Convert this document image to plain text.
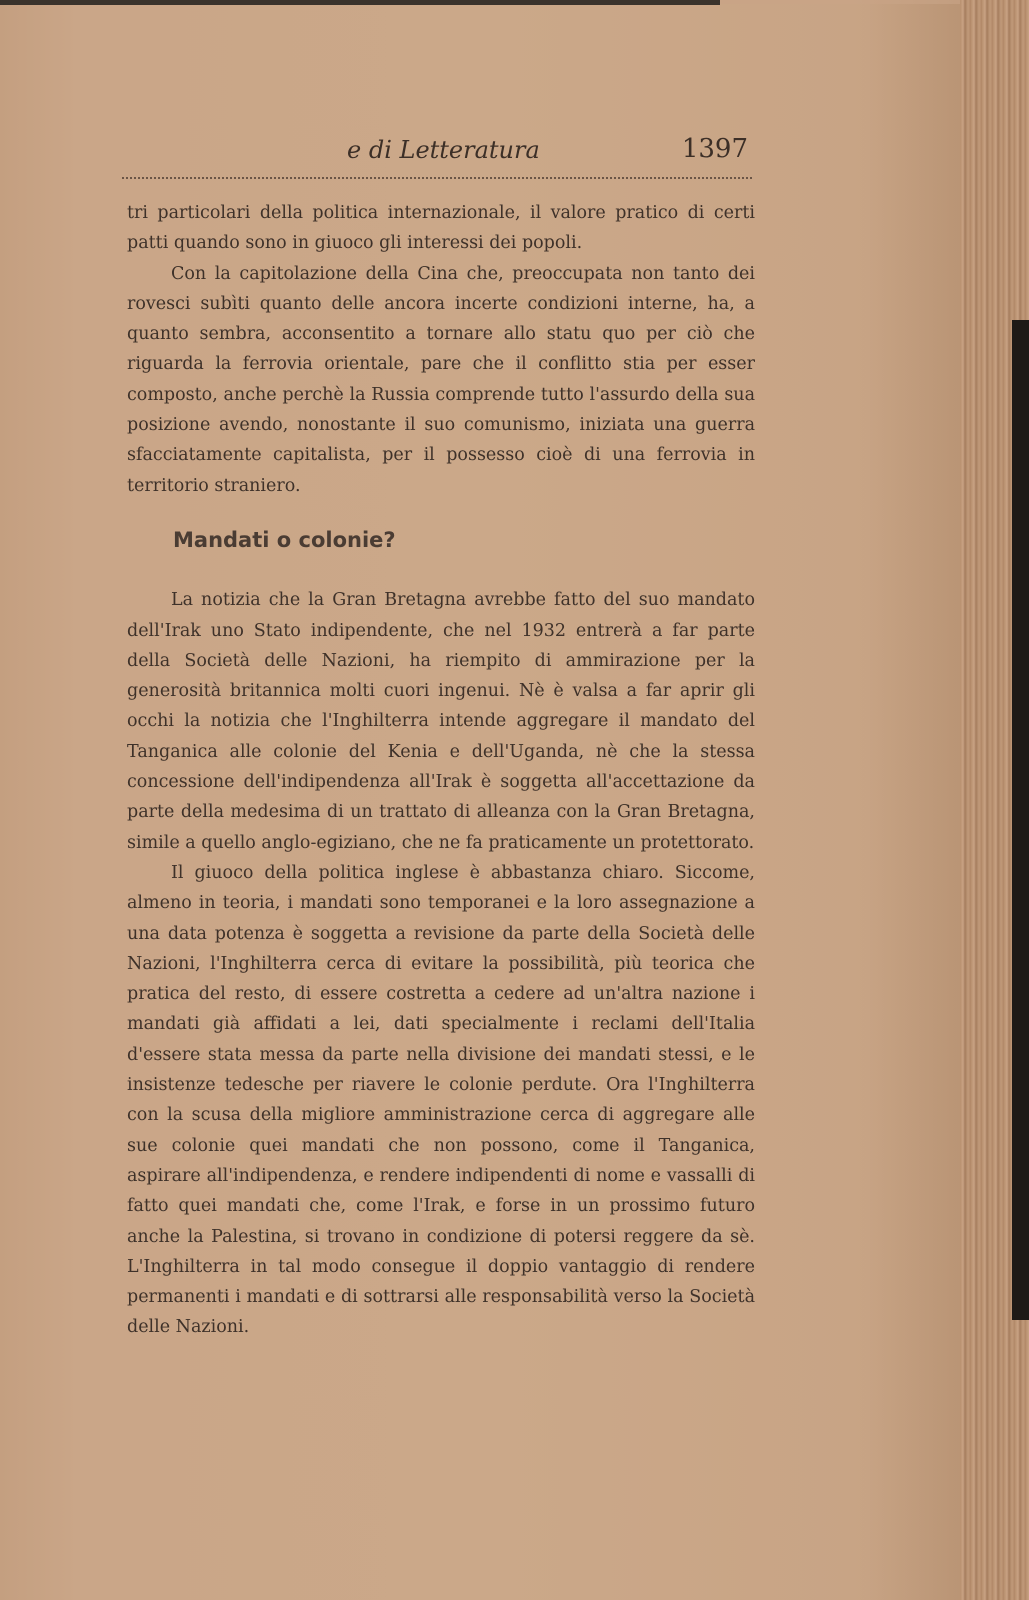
e di Letteratura	1397

tri particolari della politica internazionale, il valore pratico di certi patti quando sono in giuoco gli interessi dei popoli.

Con la capitolazione della Cina che, preoccupata non tanto dei rovesci subìti quanto delle ancora incerte condizioni interne, ha, a quanto sembra, acconsentito a tornare allo statu quo per ciò che riguarda la ferrovia orientale, pare che il conflitto stia per esser composto, anche perchè la Russia comprende tutto l'assurdo della sua posizione avendo, nonostante il suo comunismo, iniziata una guerra sfacciatamente capitalista, per il possesso cioè di una ferrovia in territorio straniero.

Mandati o colonie?

La notizia che la Gran Bretagna avrebbe fatto del suo mandato dell'Irak uno Stato indipendente, che nel 1932 entrerà a far parte della Società delle Nazioni, ha riempito di ammirazione per la generosità britannica molti cuori ingenui. Nè è valsa a far aprir gli occhi la notizia che l'Inghilterra intende aggregare il mandato del Tanganica alle colonie del Kenia e dell'Uganda, nè che la stessa concessione dell'indipendenza all'Irak è soggetta all'accettazione da parte della medesima di un trattato di alleanza con la Gran Bretagna, simile a quello anglo-egiziano, che ne fa praticamente un protettorato.

Il giuoco della politica inglese è abbastanza chiaro. Siccome, almeno in teoria, i mandati sono temporanei e la loro assegnazione a una data potenza è soggetta a revisione da parte della Società delle Nazioni, l'Inghilterra cerca di evitare la possibilità, più teorica che pratica del resto, di essere costretta a cedere ad un'altra nazione i mandati già affidati a lei, dati specialmente i reclami dell'Italia d'essere stata messa da parte nella divisione dei mandati stessi, e le insistenze tedesche per riavere le colonie perdute. Ora l'Inghilterra con la scusa della migliore amministrazione cerca di aggregare alle sue colonie quei mandati che non possono, come il Tanganica, aspirare all'indipendenza, e rendere indipendenti di nome e vassalli di fatto quei mandati che, come l'Irak, e forse in un prossimo futuro anche la Palestina, si trovano in condizione di potersi reggere da sè. L'Inghilterra in tal modo consegue il doppio vantaggio di rendere permanenti i mandati e di sottrarsi alle responsabilità verso la Società delle Nazioni.
